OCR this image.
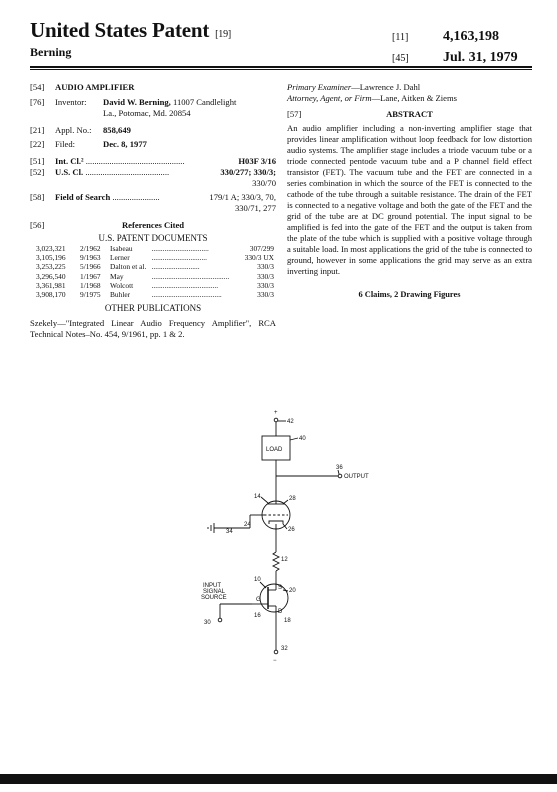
United States Patent [19]
Berning
[11] 4,163,198
[45] Jul. 31, 1979
[54]	AUDIO AMPLIFIER
[76]	Inventor:	David W. Berning, 11007 Candlelight
La., Potomac, Md. 20854
[21]	Appl. No.:	858,649
[22]	Filed:	Dec. 8, 1977
[51]	Int. Cl.² ..............................................	H03F 3/16
[52]	U.S. Cl. .......................................	330/277; 330/3;
330/70
[58]	Field of Search ......................	179/1 A; 330/3, 70,
330/71, 277
[56]	References Cited
U.S. PATENT DOCUMENTS
3,023,321	2/1962	Isabeau	...............................	307/299
3,105,196	9/1963	Lerner	..............................	330/3 UX
3,253,225	5/1966	Dalton et al.	..........................	330/3
3,296,540	1/1967	May	..........................................	330/3
3,361,981	1/1968	Wolcott	....................................	330/3
3,908,170	9/1975	Buhler	......................................	330/3
OTHER PUBLICATIONS
Szekely—"Integrated Linear Audio Frequency Amplifier", RCA Technical Notes–No. 454, 9/1961, pp. 1 & 2.
Primary Examiner—Lawrence J. Dahl
Attorney, Agent, or Firm—Lane, Aitken & Ziems
[57]	ABSTRACT
An audio amplifier including a non-inverting amplifier stage that provides linear amplification without loop feedback for low distortion audio systems. The amplifier stage includes a triode vacuum tube or a triode connected pentode vacuum tube and a P channel field effect transistor (FET). The vacuum tube and the FET are connected in a series combination in which the source of the FET is connected to the cathode of the tube through a suitable resistance. The drain of the FET is connected to a negative voltage and both the gate of the FET and the grid of the tube are at DC ground potential. The input signal to be amplified is fed into the gate of the FET and the output is taken from the plate of the tube which is supplied with a positive voltage through a suitable load. In most applications the grid of the tube is connected to ground, however in some applications the grid may serve as an extra inverting input.
6 Claims, 2 Drawing Figures
+
42
LOAD
40
36
OUTPUT
14	28
26
34
24
12
S
G
D
10
20
16
18
INPUT
SIGNAL
SOURCE
30
32
−
